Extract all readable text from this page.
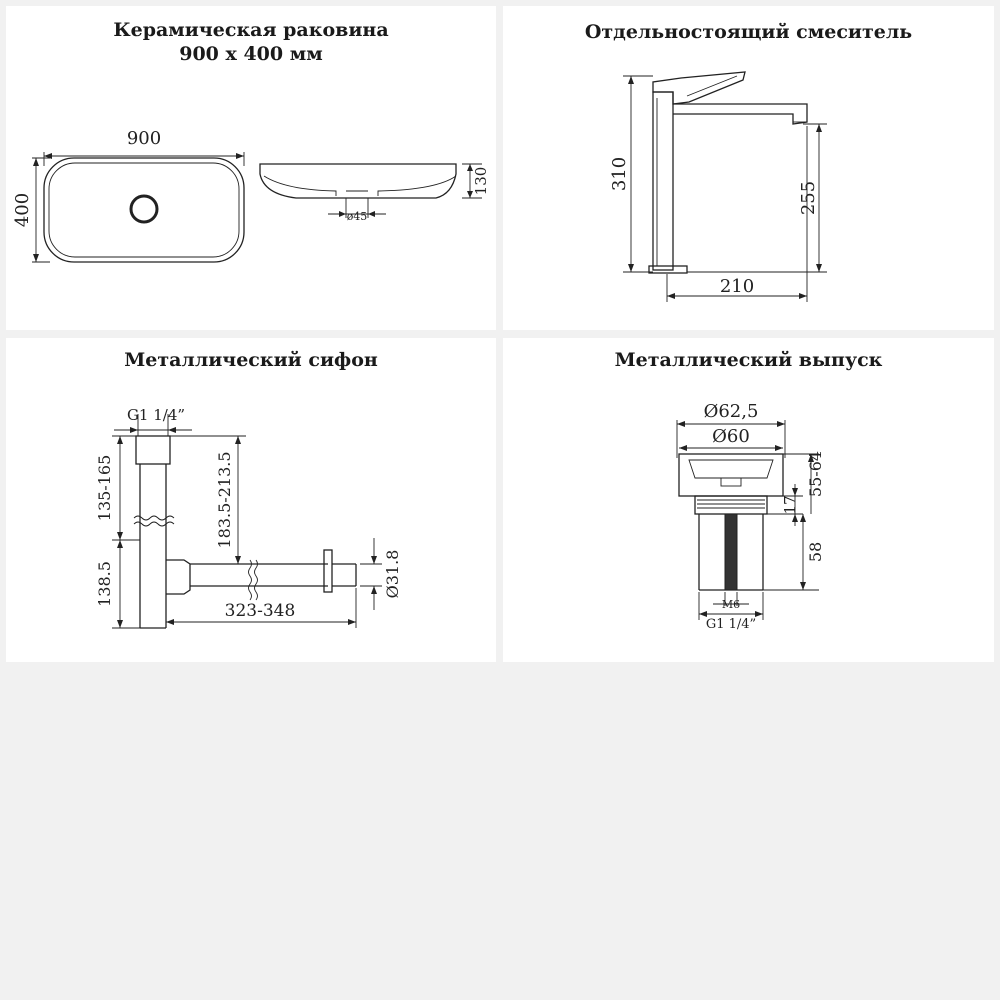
Керамическая раковина
900 х 400 мм
900
400
130
ø45
Отдельностоящий смеситель
310
255
210
Металлический сифон
G1 1/4”
135-165
138.5
183.5-213.5
323-348
Ø31.8
Металлический выпуск
Ø62,5
Ø60
17
58
55-64
M6
G1 1/4”
